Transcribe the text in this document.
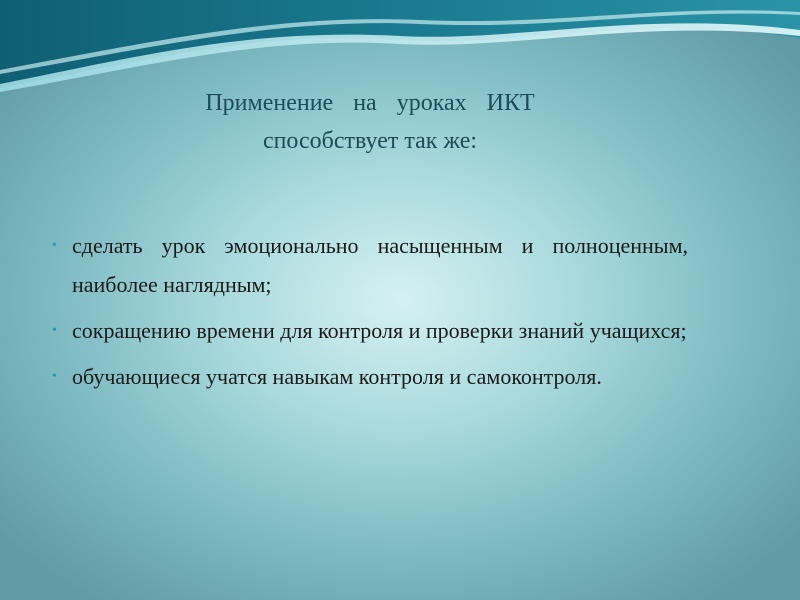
Применение на уроках ИКТ
способствует так же:
• сделать урок эмоционально насыщенным и полноценным, наиболее наглядным;
• сокращению времени для контроля и проверки знаний учащихся;
• обучающиеся учатся навыкам контроля и самоконтроля.
